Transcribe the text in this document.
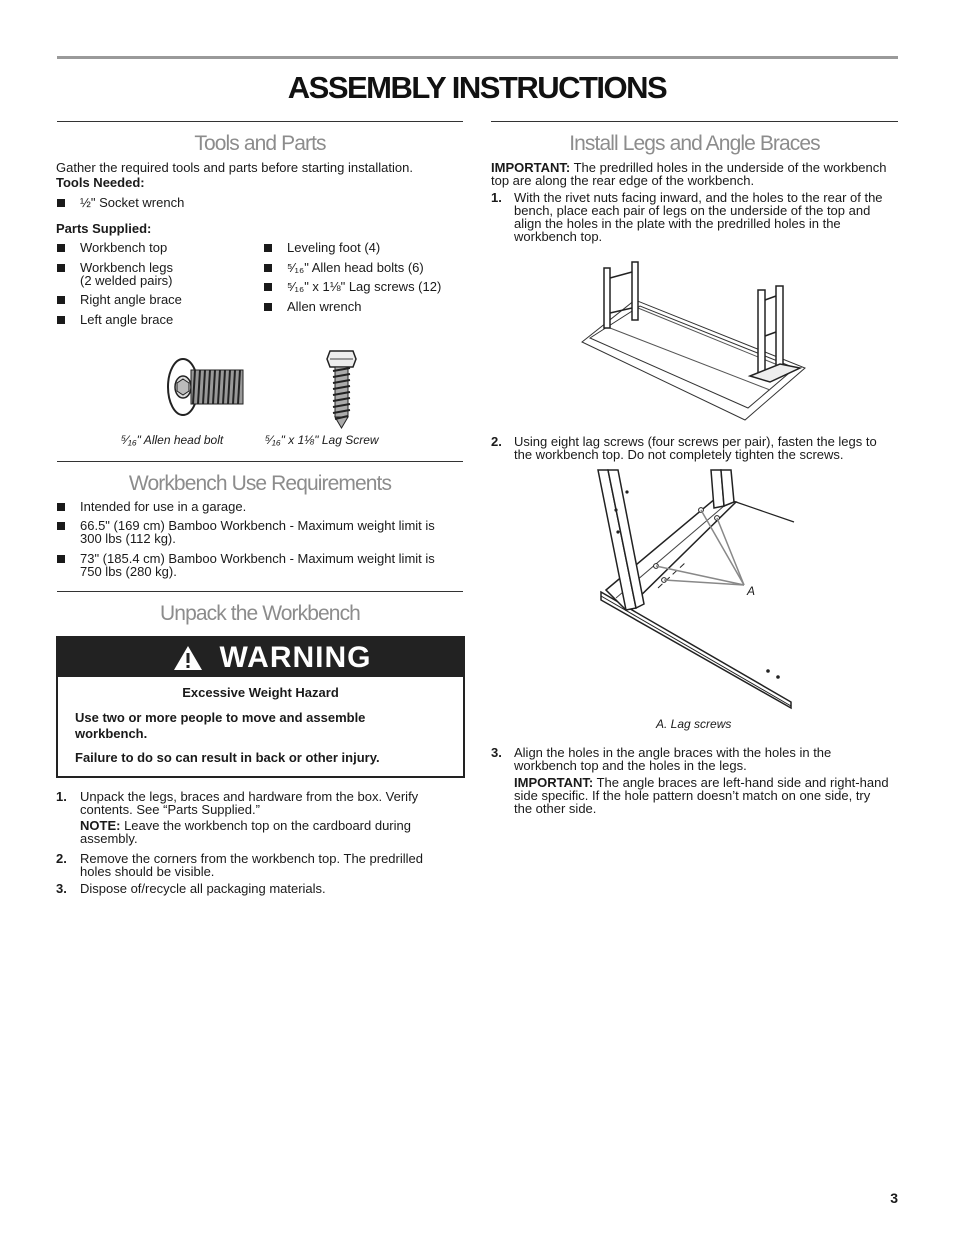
ASSEMBLY INSTRUCTIONS
Tools and Parts
Gather the required tools and parts before starting installation.
Tools Needed:
½" Socket wrench
Parts Supplied:
Workbench top
Workbench legs
(2 welded pairs)
Right angle brace
Left angle brace
Leveling foot (4)
⁵⁄₁₆" Allen head bolts (6)
⁵⁄₁₆" x 1⅛" Lag screws (12)
Allen wrench
⁵⁄₁₆" Allen head bolt	⁵⁄₁₆" x 1⅛" Lag Screw
Workbench Use Requirements
Intended for use in a garage.
66.5" (169 cm) Bamboo Workbench - Maximum weight limit is
300 lbs (112 kg).
73" (185.4 cm) Bamboo Workbench - Maximum weight limit is
750 lbs (280 kg).
Unpack the Workbench
WARNING
Excessive Weight Hazard
Use two or more people to move and assemble
workbench.
Failure to do so can result in back or other injury.
1. Unpack the legs, braces and hardware from the box. Verify
contents. See “Parts Supplied.”
NOTE: Leave the workbench top on the cardboard during
assembly.
2. Remove the corners from the workbench top. The predrilled
holes should be visible.
3. Dispose of/recycle all packaging materials.
Install Legs and Angle Braces
IMPORTANT: The predrilled holes in the underside of the workbench
top are along the rear edge of the workbench.
1. With the rivet nuts facing inward, and the holes to the rear of the
bench, place each pair of legs on the underside of the top and
align the holes in the plate with the predrilled holes in the
workbench top.
2. Using eight lag screws (four screws per pair), fasten the legs to
the workbench top. Do not completely tighten the screws.
A
A. Lag screws
3. Align the holes in the angle braces with the holes in the
workbench top and the holes in the legs.
IMPORTANT: The angle braces are left-hand side and right-hand
side specific. If the hole pattern doesn’t match on one side, try
the other side.
3
